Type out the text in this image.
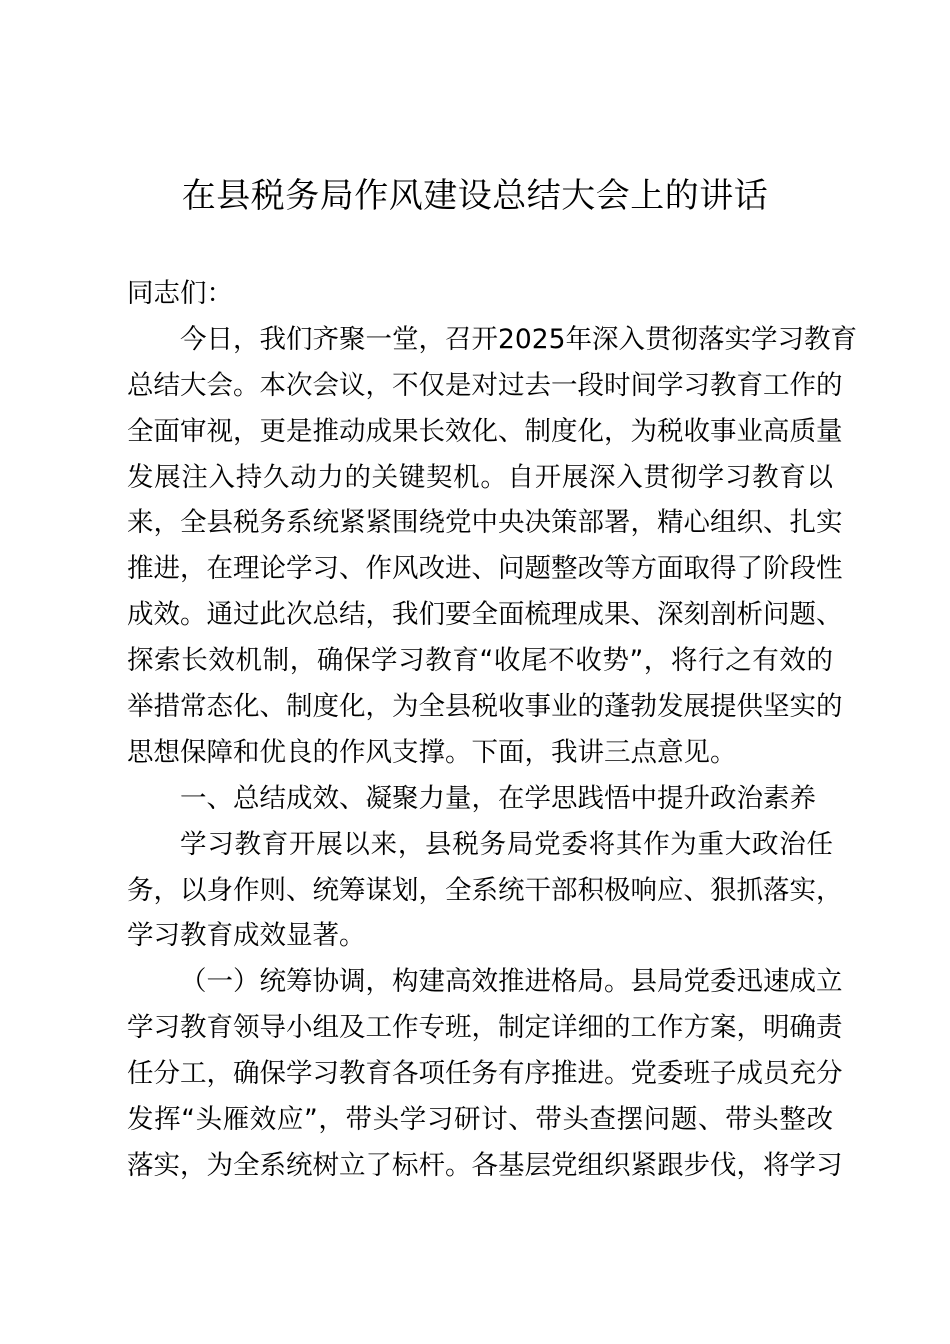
在县税务局作风建设总结大会上的讲话
同志们：
今日，我们齐聚一堂，召开2025年深入贯彻落实学习教育
总结大会。本次会议，不仅是对过去一段时间学习教育工作的
全面审视，更是推动成果长效化、制度化，为税收事业高质量
发展注入持久动力的关键契机。自开展深入贯彻学习教育以
来，全县税务系统紧紧围绕党中央决策部署，精心组织、扎实
推进，在理论学习、作风改进、问题整改等方面取得了阶段性
成效。通过此次总结，我们要全面梳理成果、深刻剖析问题、
探索长效机制，确保学习教育“收尾不收势”，将行之有效的
举措常态化、制度化，为全县税收事业的蓬勃发展提供坚实的
思想保障和优良的作风支撑。下面，我讲三点意见。
一、总结成效、凝聚力量，在学思践悟中提升政治素养
学习教育开展以来，县税务局党委将其作为重大政治任
务，以身作则、统筹谋划，全系统干部积极响应、狠抓落实，
学习教育成效显著。
（一）统筹协调，构建高效推进格局。县局党委迅速成立
学习教育领导小组及工作专班，制定详细的工作方案，明确责
任分工，确保学习教育各项任务有序推进。党委班子成员充分
发挥“头雁效应”，带头学习研讨、带头查摆问题、带头整改
落实，为全系统树立了标杆。各基层党组织紧跟步伐，将学习
